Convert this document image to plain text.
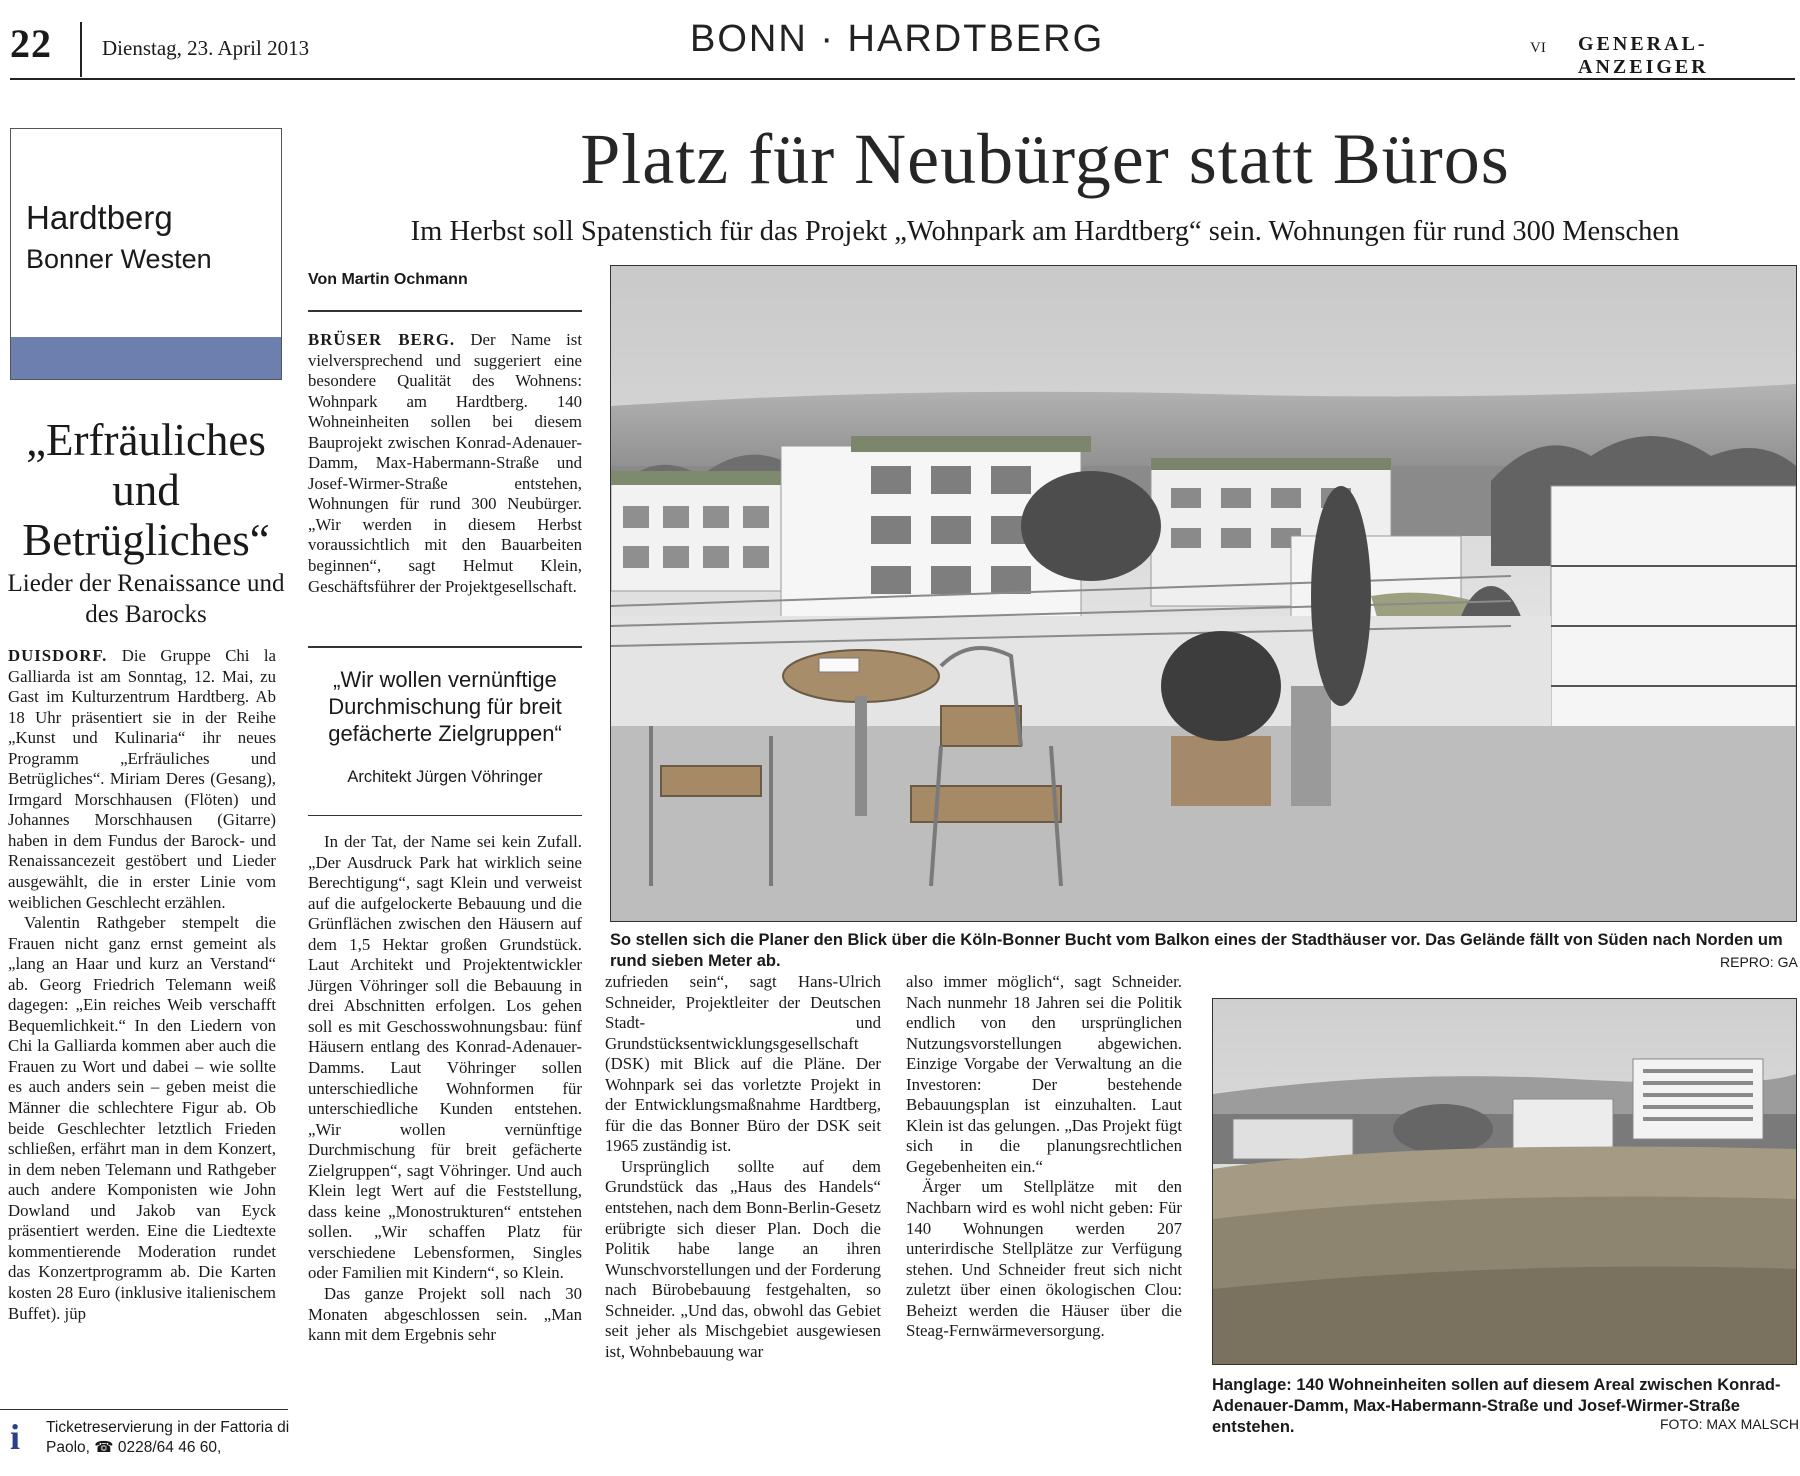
22 Dienstag, 23. April 2013	BONN · HARDTBERG	VI GENERAL-ANZEIGER
Hardtberg
Bonner Westen
„Erfräuliches und Betrügliches“
Lieder der Renaissance und des Barocks

DUISDORF. Die Gruppe Chi la Galliarda ist am Sonntag, 12. Mai, zu Gast im Kulturzentrum Hardtberg. Ab 18 Uhr präsentiert sie in der Reihe „Kunst und Kulinaria“ ihr neues Programm „Erfräuliches und Betrügliches“. Miriam Deres (Gesang), Irmgard Morschhausen (Flöten) und Johannes Morschhausen (Gitarre) haben in dem Fundus der Barock- und Renaissancezeit gestöbert und Lieder ausgewählt, die in erster Linie vom weiblichen Geschlecht erzählen.

Valentin Rathgeber stempelt die Frauen nicht ganz ernst gemeint als „lang an Haar und kurz an Verstand“ ab. Georg Friedrich Telemann weiß dagegen: „Ein reiches Weib verschafft Bequemlichkeit.“ In den Liedern von Chi la Galliarda kommen aber auch die Frauen zu Wort und dabei – wie sollte es auch anders sein – geben meist die Männer die schlechtere Figur ab. Ob beide Geschlechter letztlich Frieden schließen, erfährt man in dem Konzert, in dem neben Telemann und Rathgeber auch andere Komponisten wie John Dowland und Jakob van Eyck präsentiert werden. Eine die Liedtexte kommentierende Moderation rundet das Konzertprogramm ab. Die Karten kosten 28 Euro (inklusive italienischem Buffet). jüp

i Ticketreservierung in der Fattoria di Paolo, ☎ 0228/64 46 60,
Platz für Neubürger statt Büros
Im Herbst soll Spatenstich für das Projekt „Wohnpark am Hardtberg“ sein. Wohnungen für rund 300 Menschen
Von Martin Ochmann

BRÜSER BERG. Der Name ist vielversprechend und suggeriert eine besondere Qualität des Wohnens: Wohnpark am Hardtberg. 140 Wohneinheiten sollen bei diesem Bauprojekt zwischen Konrad-Adenauer-Damm, Max-Habermann-Straße und Josef-Wirmer-Straße entstehen, Wohnungen für rund 300 Neubürger. „Wir werden in diesem Herbst voraussichtlich mit den Bauarbeiten beginnen“, sagt Helmut Klein, Geschäftsführer der Projektgesellschaft.

„Wir wollen vernünftige Durchmischung für breit gefächerte Zielgruppen“
Architekt Jürgen Vöhringer

In der Tat, der Name sei kein Zufall. „Der Ausdruck Park hat wirklich seine Berechtigung“, sagt Klein und verweist auf die aufgelockerte Bebauung und die Grünflächen zwischen den Häusern auf dem 1,5 Hektar großen Grundstück. Laut Architekt und Projektentwickler Jürgen Vöhringer soll die Bebauung in drei Abschnitten erfolgen. Los gehen soll es mit Geschosswohnungsbau: fünf Häusern entlang des Konrad-Adenauer-Damms. Laut Vöhringer sollen unterschiedliche Wohnformen für unterschiedliche Kunden entstehen. „Wir wollen vernünftige Durchmischung für breit gefächerte Zielgruppen“, sagt Vöhringer. Und auch Klein legt Wert auf die Feststellung, dass keine „Monostrukturen“ entstehen sollen. „Wir schaffen Platz für verschiedene Lebensformen, Singles oder Familien mit Kindern“, so Klein.

Das ganze Projekt soll nach 30 Monaten abgeschlossen sein. „Man kann mit dem Ergebnis sehr

So stellen sich die Planer den Blick über die Köln-Bonner Bucht vom Balkon eines der Stadthäuser vor. Das Gelände fällt von Süden nach Norden um rund sieben Meter ab.	REPRO: GA

zufrieden sein“, sagt Hans-Ulrich Schneider, Projektleiter der Deutschen Stadt- und Grundstücksentwicklungsgesellschaft (DSK) mit Blick auf die Pläne. Der Wohnpark sei das vorletzte Projekt in der Entwicklungsmaßnahme Hardtberg, für die das Bonner Büro der DSK seit 1965 zuständig ist.

Ursprünglich sollte auf dem Grundstück das „Haus des Handels“ entstehen, nach dem Bonn-Berlin-Gesetz erübrigte sich dieser Plan. Doch die Politik habe lange an ihren Wunschvorstellungen und der Forderung nach Bürobebauung festgehalten, so Schneider. „Und das, obwohl das Gebiet seit jeher als Mischgebiet ausgewiesen ist, Wohnbebauung war

also immer möglich“, sagt Schneider. Nach nunmehr 18 Jahren sei die Politik endlich von den ursprünglichen Nutzungsvorstellungen abgewichen. Einzige Vorgabe der Verwaltung an die Investoren: Der bestehende Bebauungsplan ist einzuhalten. Laut Klein ist das gelungen. „Das Projekt fügt sich in die planungsrechtlichen Gegebenheiten ein.“

Ärger um Stellplätze mit den Nachbarn wird es wohl nicht geben: Für 140 Wohnungen werden 207 unterirdische Stellplätze zur Verfügung stehen. Und Schneider freut sich nicht zuletzt über einen ökologischen Clou: Beheizt werden die Häuser über die Steag-Fernwärmeversorgung.

Hanglage: 140 Wohneinheiten sollen auf diesem Areal zwischen Konrad-Adenauer-Damm, Max-Habermann-Straße und Josef-Wirmer-Straße entstehen.	FOTO: MAX MALSCH
